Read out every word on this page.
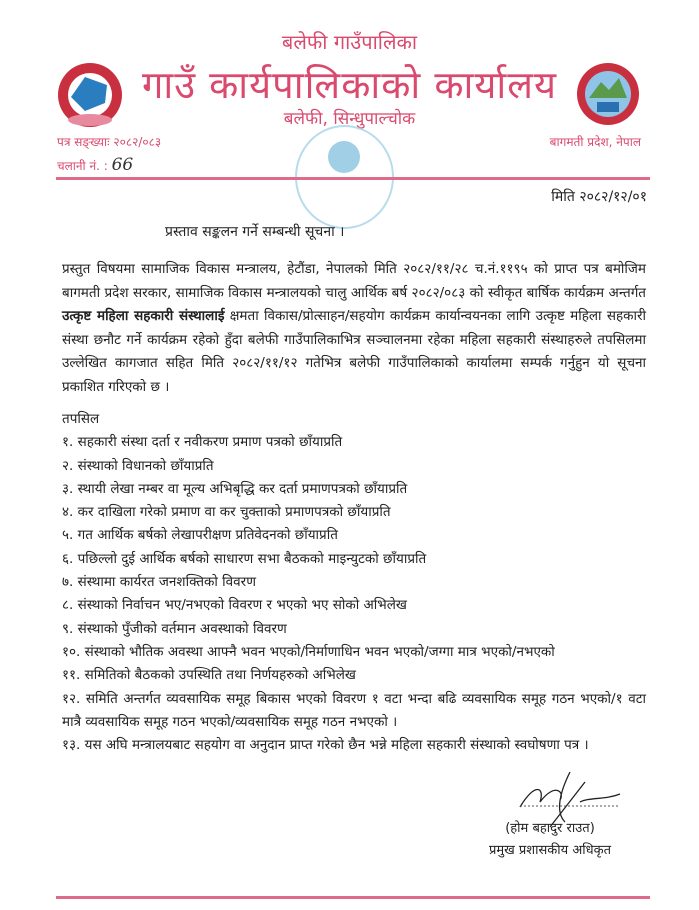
बलेफी गाउँपालिका
गाउँ कार्यपालिकाको कार्यालय
बलेफी, सिन्धुपाल्चोक
पत्र सङ्ख्याः २०८२/०८३
चलानी नं. : 66
बागमती प्रदेश, नेपाल
मिति २०८२/१२/०१
प्रस्ताव सङ्कलन गर्ने सम्बन्धी सूचना ।
प्रस्तुत विषयमा सामाजिक विकास मन्त्रालय, हेटौंडा, नेपालको मिति २०८२/११/२८ च.नं.११९५ को प्राप्त पत्र बमोजिम बागमती प्रदेश सरकार, सामाजिक विकास मन्त्रालयको चालु आर्थिक बर्ष २०८२/०८३ को स्वीकृत बार्षिक कार्यक्रम अन्तर्गत उत्कृष्ट महिला सहकारी संस्थालाई क्षमता विकास/प्रोत्साहन/सहयोग कार्यक्रम कार्यान्वयनका लागि उत्कृष्ट महिला सहकारी संस्था छनौट गर्ने कार्यक्रम रहेको हुँदा बलेफी गाउँपालिकाभित्र सञ्चालनमा रहेका महिला सहकारी संस्थाहरुले तपसिलमा उल्लेखित कागजात सहित मिति २०८२/११/१२ गतेभित्र बलेफी गाउँपालिकाको कार्यालमा सम्पर्क गर्नुहुन यो सूचना प्रकाशित गरिएको छ ।
तपसिल
१. सहकारी संस्था दर्ता र नवीकरण प्रमाण पत्रको छाँयाप्रति
२. संस्थाको विधानको छाँयाप्रति
३. स्थायी लेखा नम्बर वा मूल्य अभिबृद्धि कर दर्ता प्रमाणपत्रको छाँयाप्रति
४. कर दाखिला गरेको प्रमाण वा कर चुक्ताको प्रमाणपत्रको छाँयाप्रति
५. गत आर्थिक बर्षको लेखापरीक्षण प्रतिवेदनको छाँयाप्रति
६. पछिल्लो दुई आर्थिक बर्षको साधारण सभा बैठकको माइन्युटको छाँयाप्रति
७. संस्थामा कार्यरत जनशक्तिको विवरण
८. संस्थाको निर्वाचन भए/नभएको विवरण र भएको भए सोको अभिलेख
९. संस्थाको पुँजीको वर्तमान अवस्थाको विवरण
१०. संस्थाको भौतिक अवस्था आफ्नै भवन भएको/निर्माणाधिन भवन भएको/जग्गा मात्र भएको/नभएको
११. समितिको बैठकको उपस्थिति तथा निर्णयहरुको अभिलेख
१२. समिति अन्तर्गत व्यवसायिक समूह बिकास भएको विवरण १ वटा भन्दा बढि व्यवसायिक समूह गठन भएको/१ वटा मात्रै व्यवसायिक समूह गठन भएको/व्यवसायिक समूह गठन नभएको ।
१३. यस अघि मन्त्रालयबाट सहयोग वा अनुदान प्राप्त गरेको छैन भन्ने महिला सहकारी संस्थाको स्वघोषणा पत्र ।
(होम बहादुर राउत)
प्रमुख प्रशासकीय अधिकृत
